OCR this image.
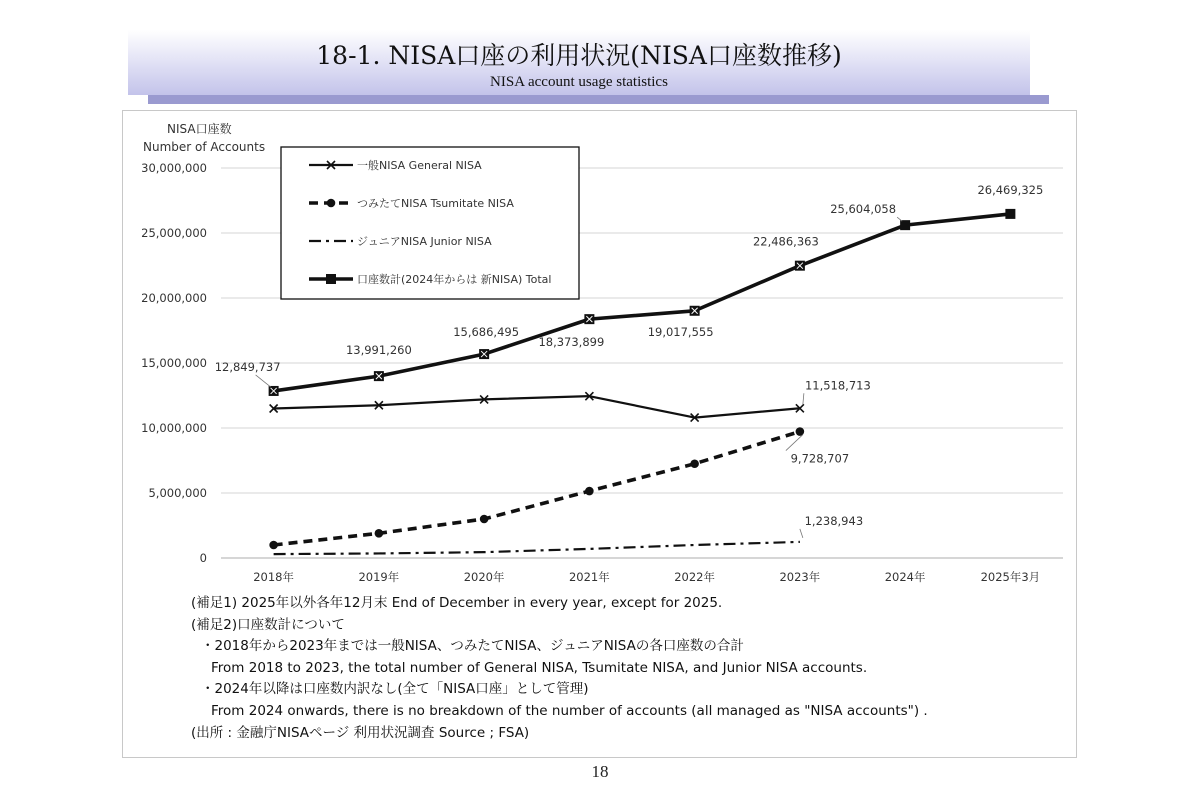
18-1. NISA口座の利用状況(NISA口座数推移)
NISA account usage statistics
NISA口座数
Number of Accounts
30,000,000
25,000,000
20,000,000
15,000,000
10,000,000
5,000,000
0
2018年	2019年	2020年	2021年	2022年	2023年	2024年	2025年3月
12,849,737
13,991,260
15,686,495
18,373,899
19,017,555
22,486,363
25,604,058
26,469,325
11,518,713
9,728,707
1,238,943
一般NISA General NISA
つみたてNISA Tsumitate NISA
ジュニアNISA Junior NISA
口座数計(2024年からは 新NISA) Total
(補足1) 2025年以外各年12月末 End of December in every year, except for 2025.
(補足2)口座数計について
・2018年から2023年までは一般NISA、つみたてNISA、ジュニアNISAの各口座数の合計
From 2018 to 2023, the total number of General NISA, Tsumitate NISA, and Junior NISA accounts.
・2024年以降は口座数内訳なし(全て「NISA口座」として管理)
From 2024 onwards, there is no breakdown of the number of accounts (all managed as "NISA accounts") .
(出所 : 金融庁NISAページ 利用状況調査 Source ; FSA)
18
